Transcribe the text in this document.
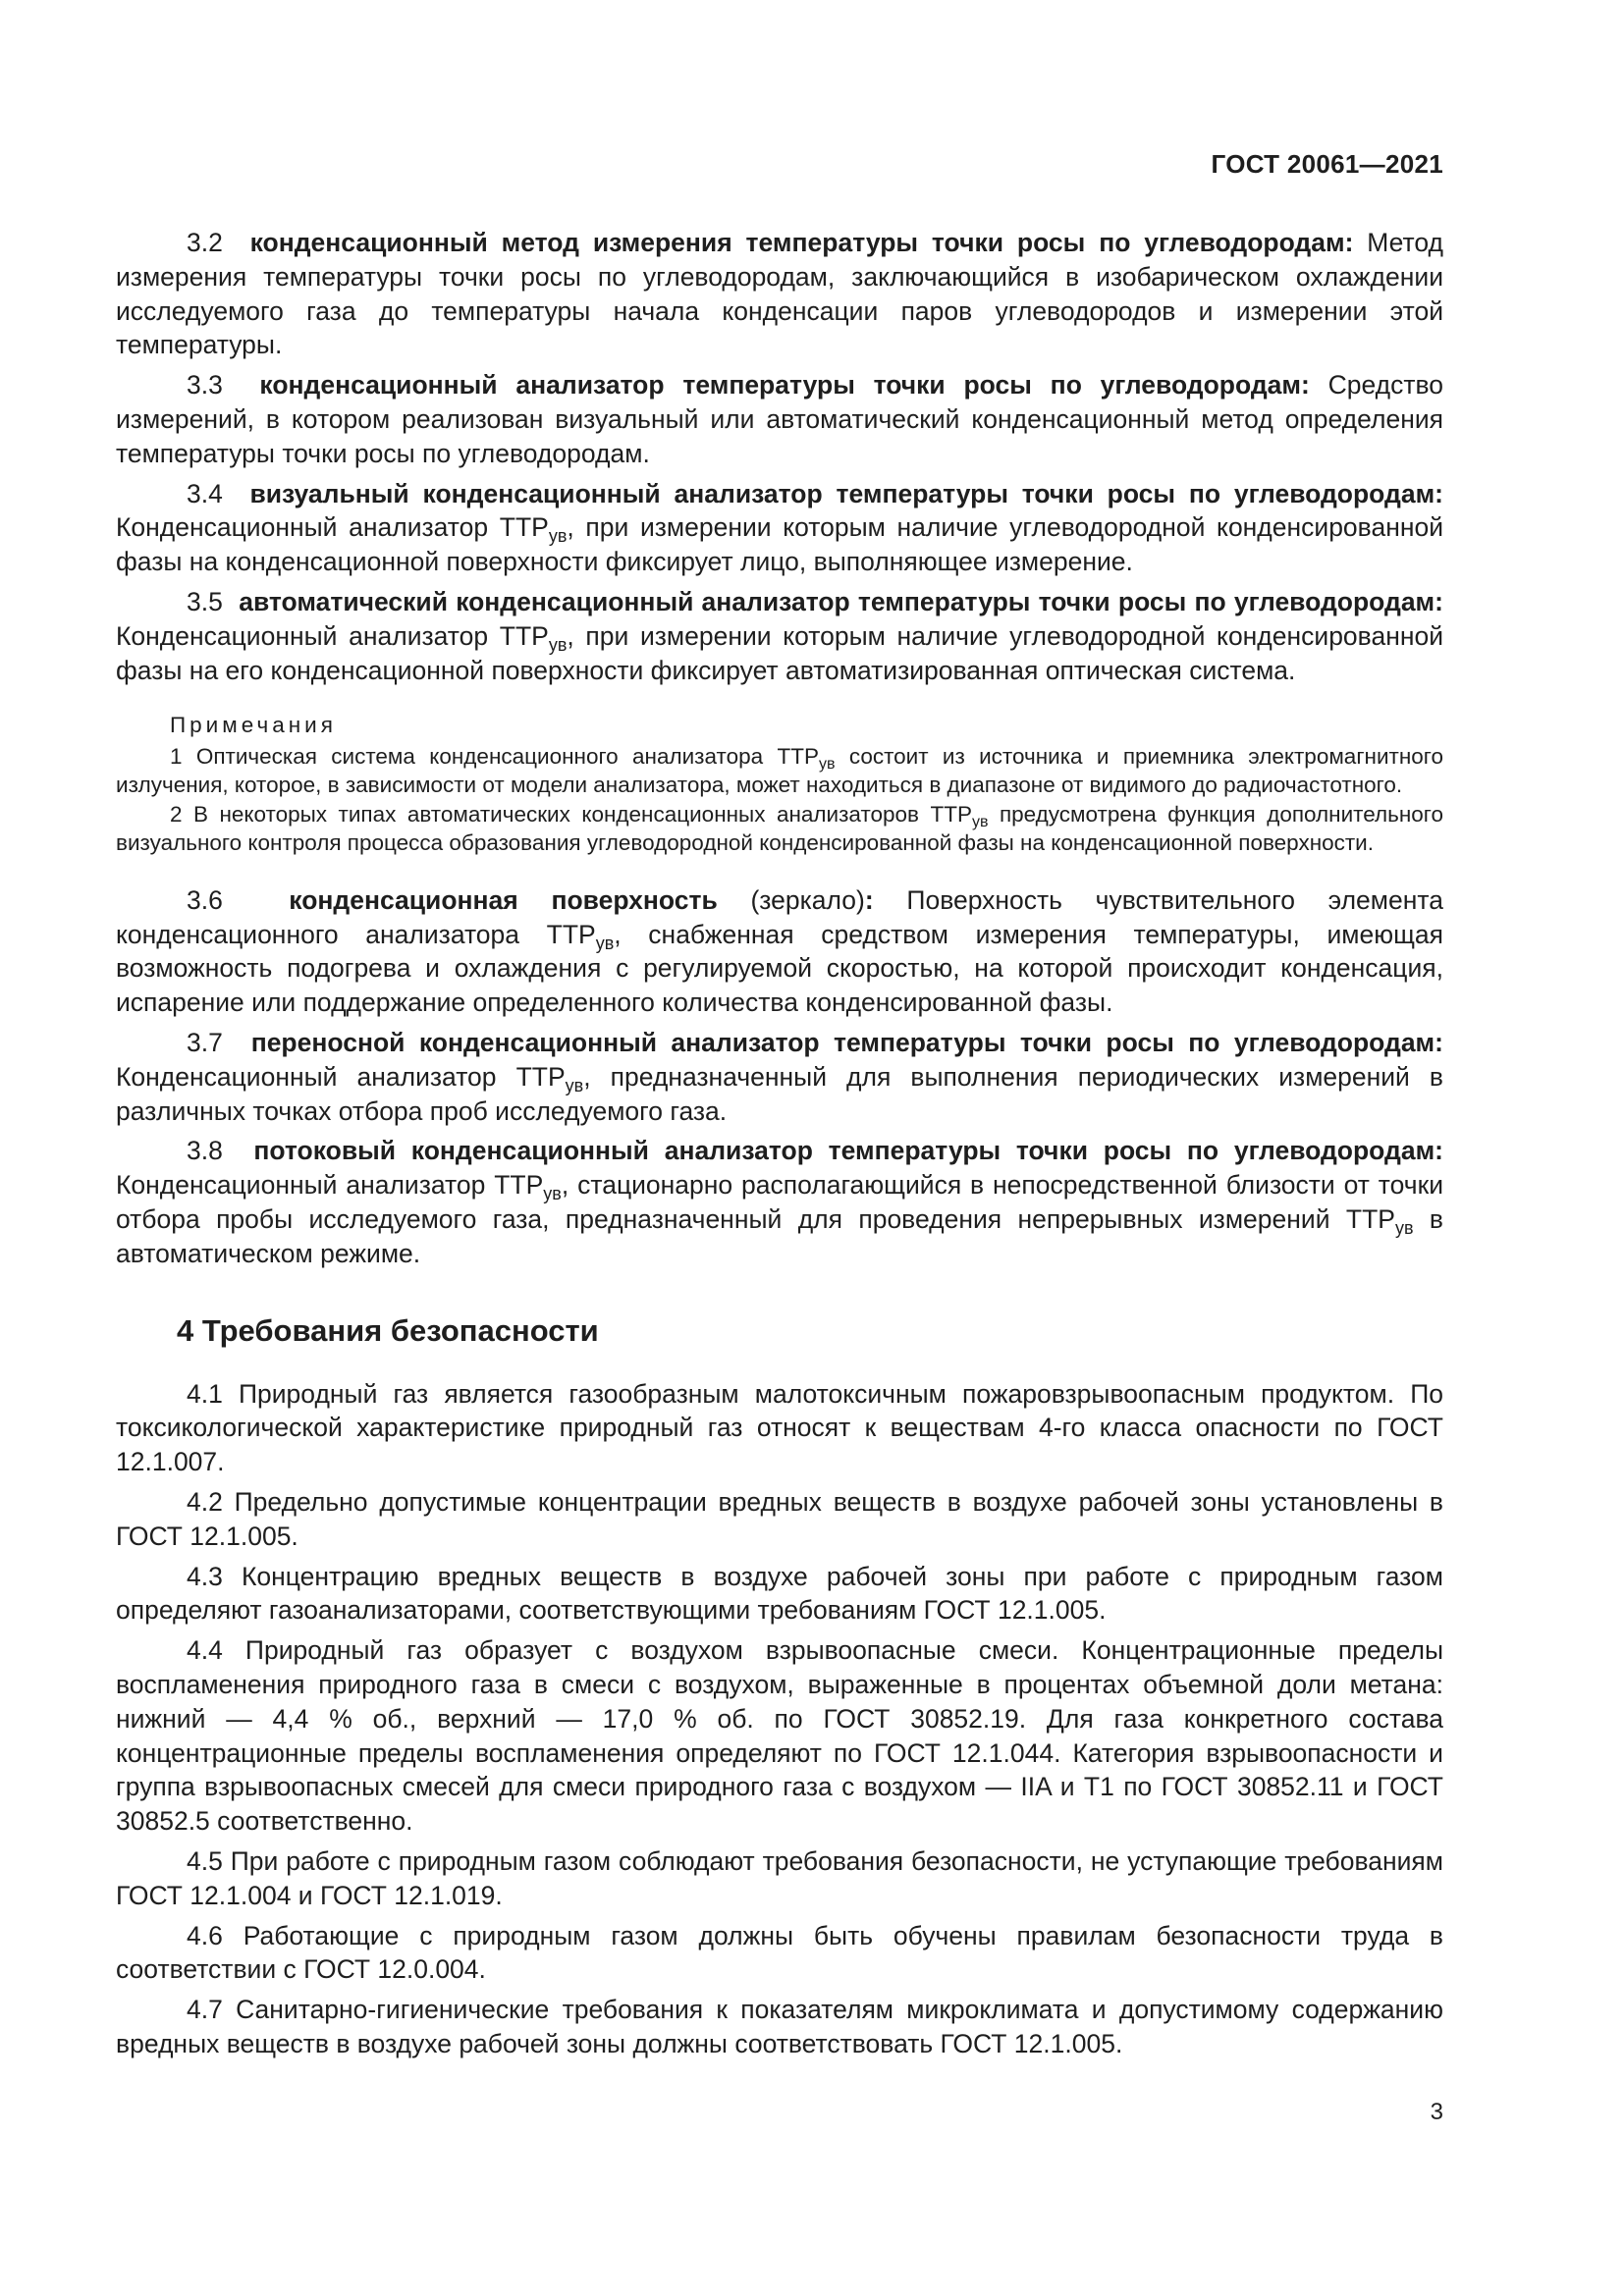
ГОСТ 20061—2021

3.2 конденсационный метод измерения температуры точки росы по углеводородам: Метод измерения температуры точки росы по углеводородам, заключающийся в изобарическом охлаждении исследуемого газа до температуры начала конденсации паров углеводородов и измерении этой температуры.

3.3 конденсационный анализатор температуры точки росы по углеводородам: Средство измерений, в котором реализован визуальный или автоматический конденсационный метод определения температуры точки росы по углеводородам.

3.4 визуальный конденсационный анализатор температуры точки росы по углеводородам: Конденсационный анализатор $ТТР_{ув}$, при измерении которым наличие углеводородной конденсированной фазы на конденсационной поверхности фиксирует лицо, выполняющее измерение.

3.5 автоматический конденсационный анализатор температуры точки росы по углеводородам: Конденсационный анализатор $ТТР_{ув}$, при измерении которым наличие углеводородной конденсированной фазы на его конденсационной поверхности фиксирует автоматизированная оптическая система.

Примечания

1 Оптическая система конденсационного анализатора $ТТР_{ув}$ состоит из источника и приемника электромагнитного излучения, которое, в зависимости от модели анализатора, может находиться в диапазоне от видимого до радиочастотного.

2 В некоторых типах автоматических конденсационных анализаторов $ТТР_{ув}$ предусмотрена функция дополнительного визуального контроля процесса образования углеводородной конденсированной фазы на конденсационной поверхности.

3.6	конденсационная поверхность (зеркало): Поверхность чувствительного элемента конденсационного анализатора $ТТР_{ув}$, снабженная средством измерения температуры, имеющая возможность подогрева и охлаждения с регулируемой скоростью, на которой происходит конденсация, испарение или поддержание определенного количества конденсированной фазы.

3.7 переносной конденсационный анализатор температуры точки росы по углеводородам: Конденсационный анализатор $ТТР_{ув}$, предназначенный для выполнения периодических измерений в различных точках отбора проб исследуемого газа.

3.8 потоковый конденсационный анализатор температуры точки росы по углеводородам: Конденсационный анализатор $ТТР_{ув}$, стационарно располагающийся в непосредственной близости от точки отбора пробы исследуемого газа, предназначенный для проведения непрерывных измерений $ТТР_{ув}$ в автоматическом режиме.

4 Требования безопасности

4.1 Природный газ является газообразным малотоксичным пожаровзрывоопасным продуктом. По токсикологической характеристике природный газ относят к веществам 4-го класса опасности по ГОСТ 12.1.007.

4.2 Предельно допустимые концентрации вредных веществ в воздухе рабочей зоны установлены в ГОСТ 12.1.005.

4.3 Концентрацию вредных веществ в воздухе рабочей зоны при работе с природным газом определяют газоанализаторами, соответствующими требованиям ГОСТ 12.1.005.

4.4 Природный газ образует с воздухом взрывоопасные смеси. Концентрационные пределы воспламенения природного газа в смеси с воздухом, выраженные в процентах объемной доли метана: нижний — 4,4 % об., верхний — 17,0 % об. по ГОСТ 30852.19. Для газа конкретного состава концентрационные пределы воспламенения определяют по ГОСТ 12.1.044. Категория взрывоопасности и группа взрывоопасных смесей для смеси природного газа с воздухом — IIA и Т1 по ГОСТ 30852.11 и ГОСТ 30852.5 соответственно.

4.5 При работе с природным газом соблюдают требования безопасности, не уступающие требованиям ГОСТ 12.1.004 и ГОСТ 12.1.019.

4.6 Работающие с природным газом должны быть обучены правилам безопасности труда в соответствии с ГОСТ 12.0.004.

4.7 Санитарно-гигиенические требования к показателям микроклимата и допустимому содержанию вредных веществ в воздухе рабочей зоны должны соответствовать ГОСТ 12.1.005.

3
